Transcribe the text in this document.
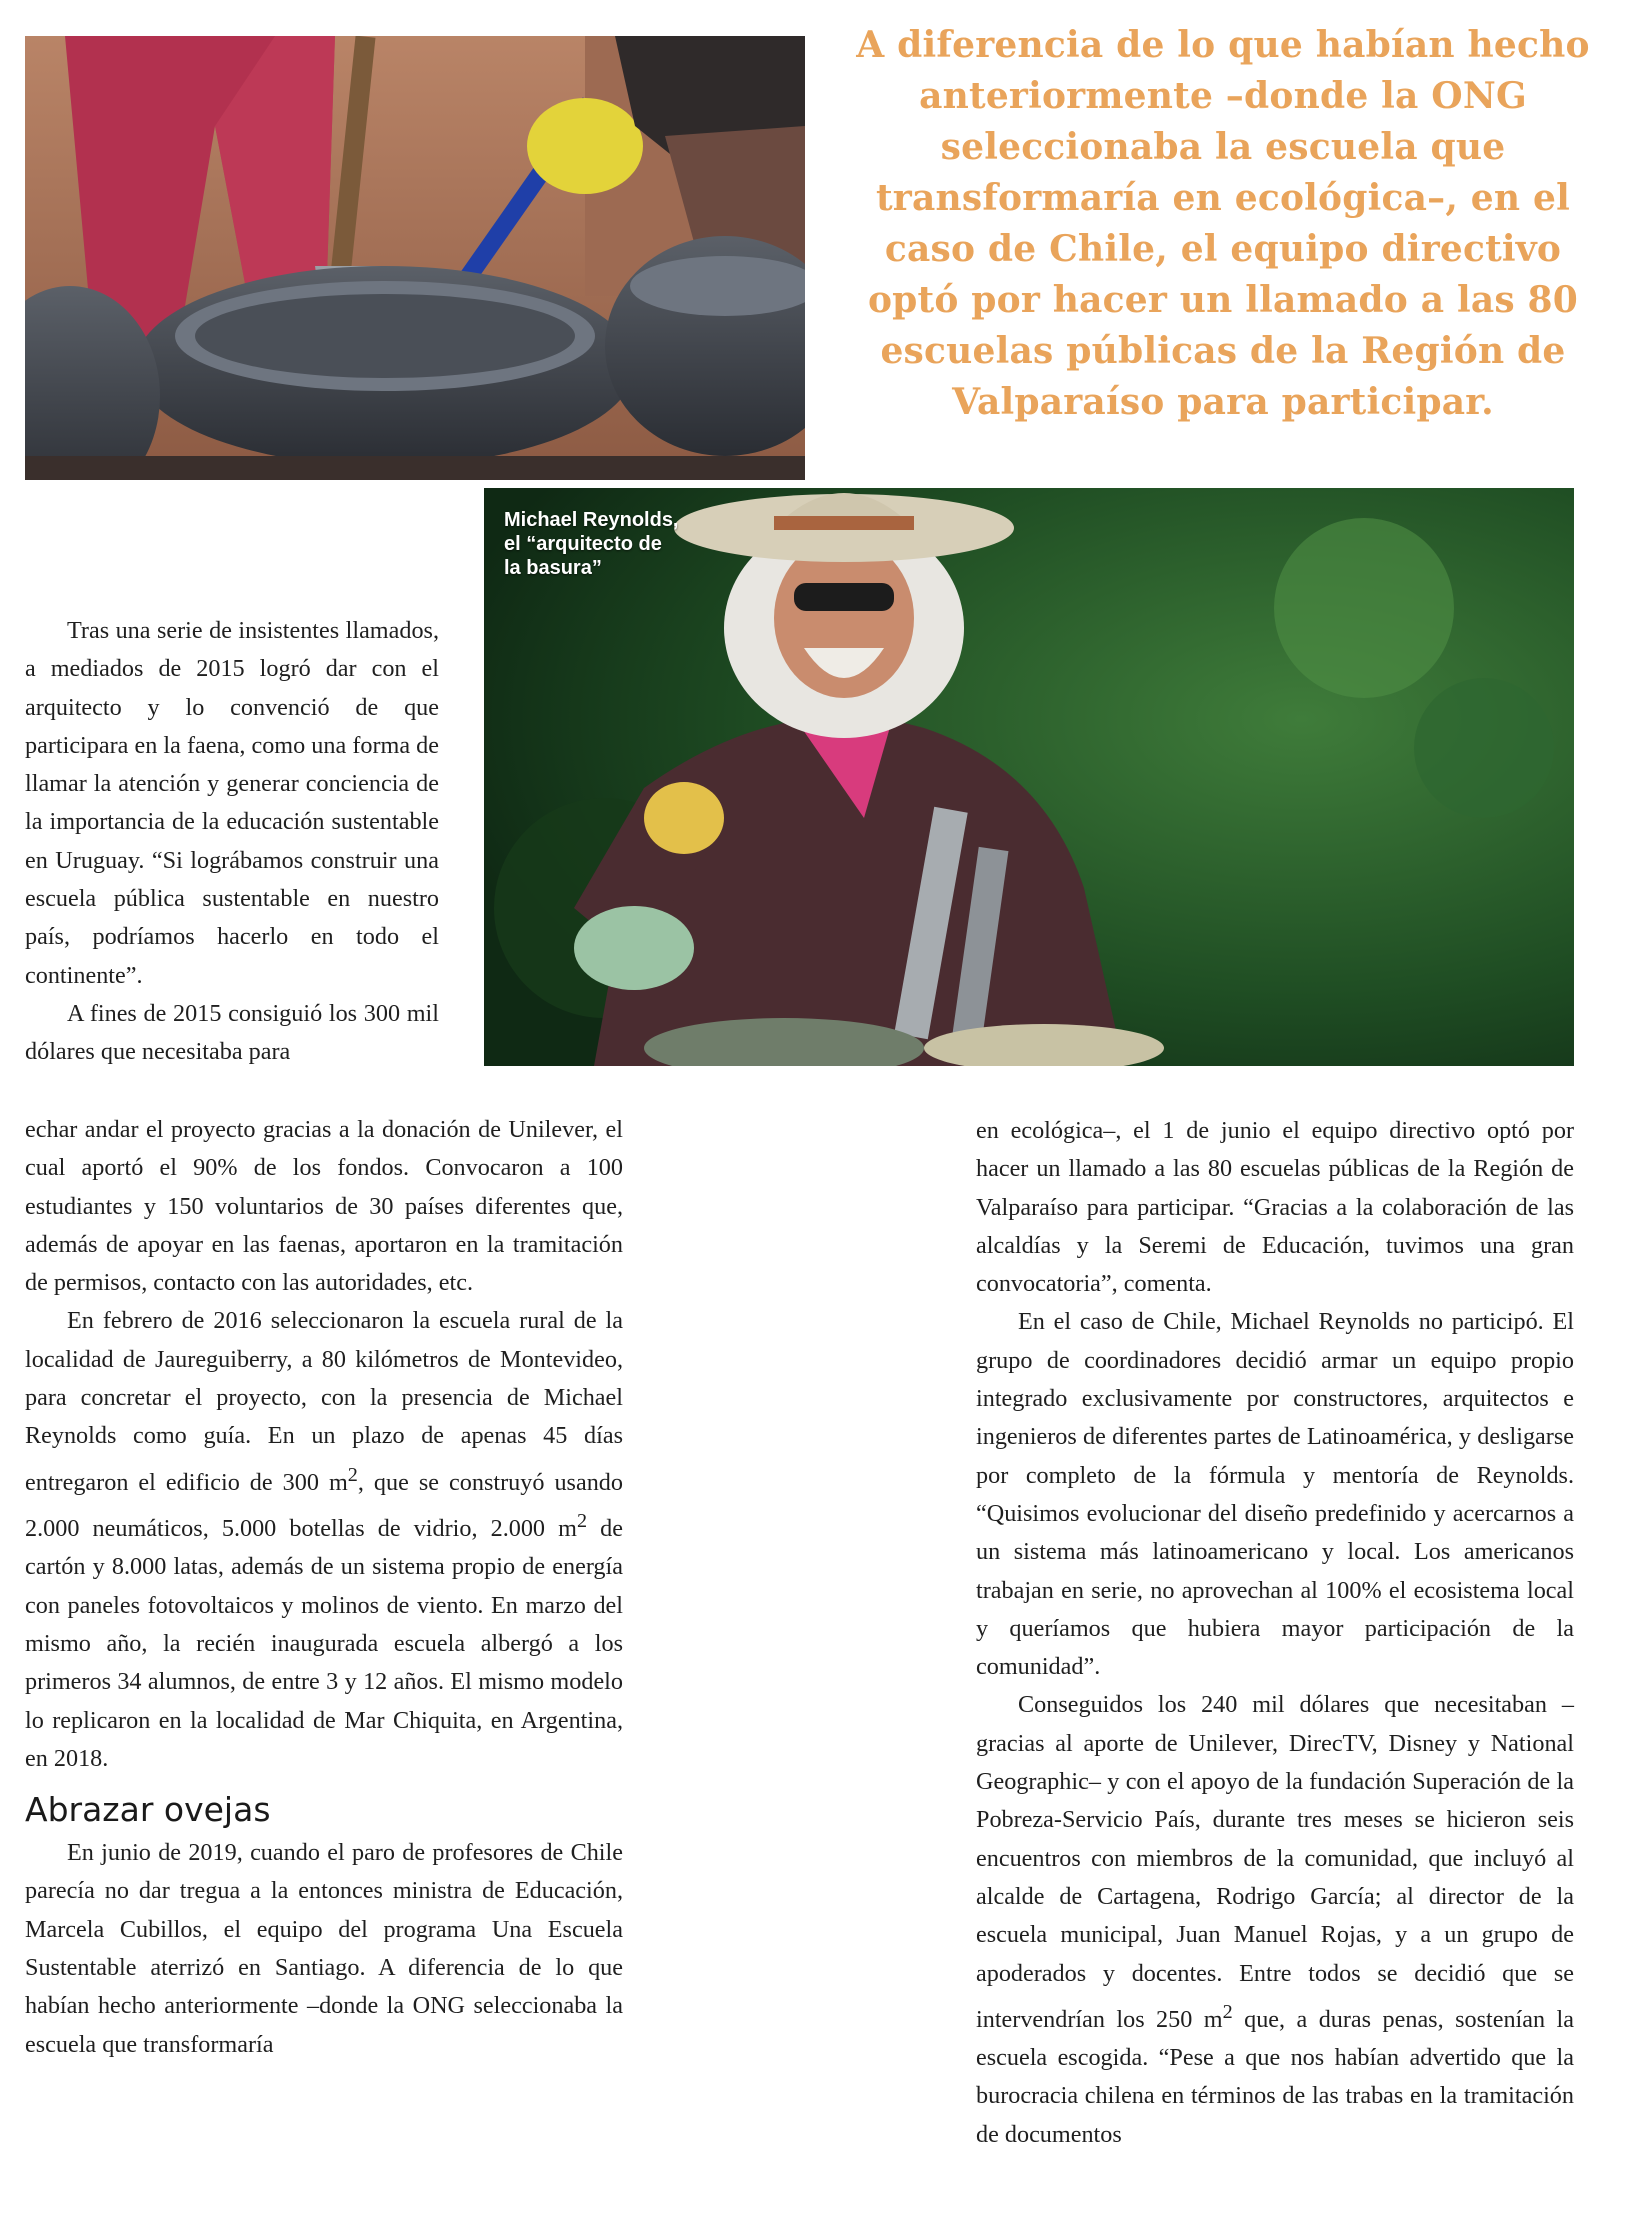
A diferencia de lo que habían hecho anteriormente –donde la ONG seleccionaba la escuela que transformaría en ecológica–, en el caso de Chile, el equipo directivo optó por hacer un llamado a las 80 escuelas públicas de la Región de Valparaíso para participar.

Michael Reynolds, el “arquitecto de la basura”

Tras una serie de insistentes llamados, a mediados de 2015 logró dar con el arquitecto y lo convenció de que participara en la faena, como una forma de llamar la atención y generar conciencia de la importancia de la educación sustentable en Uruguay. “Si lográbamos construir una escuela pública sustentable en nuestro país, podríamos hacerlo en todo el continente”.

A fines de 2015 consiguió los 300 mil dólares que necesitaba para

echar andar el proyecto gracias a la donación de Unilever, el cual aportó el 90% de los fondos. Convocaron a 100 estudiantes y 150 voluntarios de 30 países diferentes que, además de apoyar en las faenas, aportaron en la tramitación de permisos, contacto con las autoridades, etc.

En febrero de 2016 seleccionaron la escuela rural de la localidad de Jaureguiberry, a 80 kilómetros de Montevideo, para concretar el proyecto, con la presencia de Michael Reynolds como guía. En un plazo de apenas 45 días entregaron el edificio de 300 $m^2$, que se construyó usando 2.000 neumáticos, 5.000 botellas de vidrio, 2.000 $m^2$ de cartón y 8.000 latas, además de un sistema propio de energía con paneles fotovoltaicos y molinos de viento. En marzo del mismo año, la recién inaugurada escuela albergó a los primeros 34 alumnos, de entre 3 y 12 años. El mismo modelo lo replicaron en la localidad de Mar Chiquita, en Argentina, en 2018.

Abrazar ovejas

En junio de 2019, cuando el paro de profesores de Chile parecía no dar tregua a la entonces ministra de Educación, Marcela Cubillos, el equipo del programa Una Escuela Sustentable aterrizó en Santiago. A diferencia de lo que habían hecho anteriormente –donde la ONG seleccionaba la escuela que transformaría

en ecológica–, el 1 de junio el equipo directivo optó por hacer un llamado a las 80 escuelas públicas de la Región de Valparaíso para participar. “Gracias a la colaboración de las alcaldías y la Seremi de Educación, tuvimos una gran convocatoria”, comenta.

En el caso de Chile, Michael Reynolds no participó. El grupo de coordinadores decidió armar un equipo propio integrado exclusivamente por constructores, arquitectos e ingenieros de diferentes partes de Latinoamérica, y desligarse por completo de la fórmula y mentoría de Reynolds. “Quisimos evolucionar del diseño predefinido y acercarnos a un sistema más latinoamericano y local. Los americanos trabajan en serie, no aprovechan al 100% el ecosistema local y queríamos que hubiera mayor participación de la comunidad”.

Conseguidos los 240 mil dólares que necesitaban –gracias al aporte de Unilever, DirecTV, Disney y National Geographic– y con el apoyo de la fundación Superación de la Pobreza-Servicio País, durante tres meses se hicieron seis encuentros con miembros de la comunidad, que incluyó al alcalde de Cartagena, Rodrigo García; al director de la escuela municipal, Juan Manuel Rojas, y a un grupo de apoderados y docentes. Entre todos se decidió que se intervendrían los 250 $m^2$ que, a duras penas, sostenían la escuela escogida. “Pese a que nos habían advertido que la burocracia chilena en términos de las trabas en la tramitación de documentos
